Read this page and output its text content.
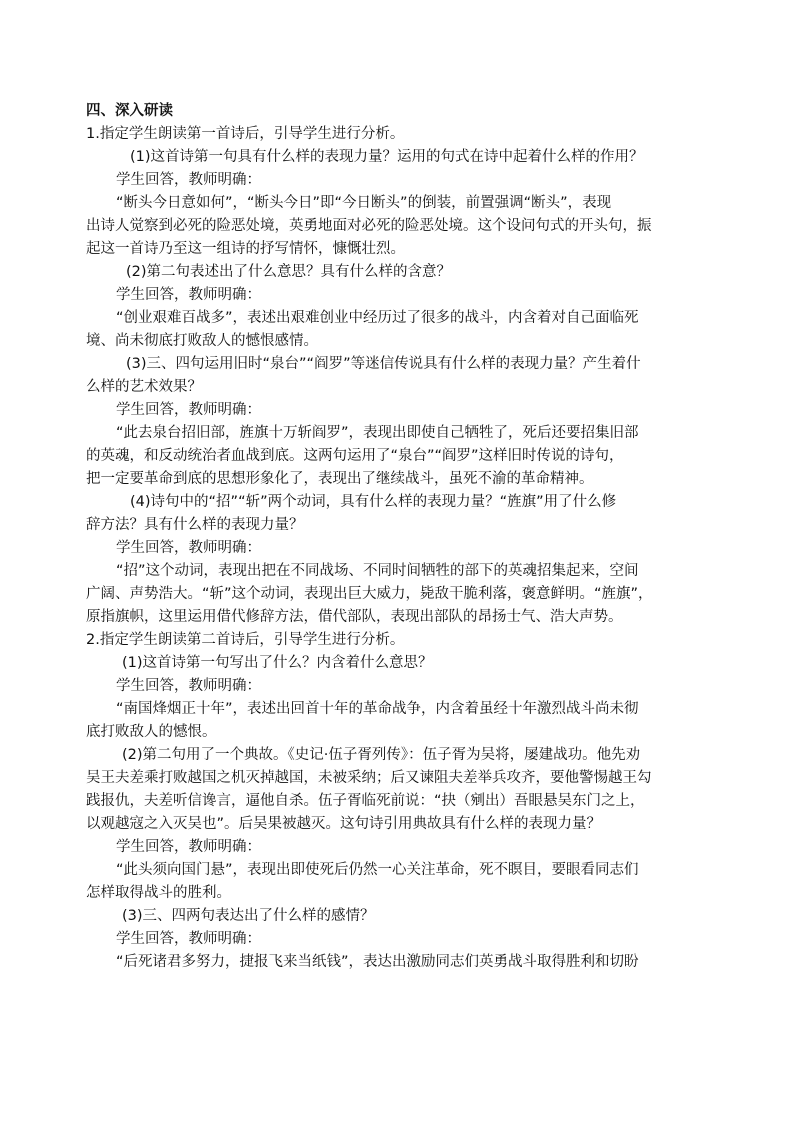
四、深入研读
1.指定学生朗读第一首诗后，引导学生进行分析。
(1)这首诗第一句具有什么样的表现力量？运用的句式在诗中起着什么样的作用？
学生回答，教师明确：
“断头今日意如何”，“断头今日”即“今日断头”的倒装，前置强调“断头”，表现
出诗人觉察到必死的险恶处境，英勇地面对必死的险恶处境。这个设问句式的开头句，振
起这一首诗乃至这一组诗的抒写情怀，慷慨壮烈。
(2)第二句表述出了什么意思？具有什么样的含意？
学生回答，教师明确：
“创业艰难百战多”，表述出艰难创业中经历过了很多的战斗，内含着对自己面临死
境、尚未彻底打败敌人的憾恨感情。
(3)三、四句运用旧时“泉台”“阎罗”等迷信传说具有什么样的表现力量？产生着什
么样的艺术效果？
学生回答，教师明确：
“此去泉台招旧部，旌旗十万斩阎罗”，表现出即使自己牺牲了，死后还要招集旧部
的英魂，和反动统治者血战到底。这两句运用了“泉台”“阎罗”这样旧时传说的诗句，
把一定要革命到底的思想形象化了，表现出了继续战斗，虽死不渝的革命精神。
(4)诗句中的“招”“斩”两个动词，具有什么样的表现力量？“旌旗”用了什么修
辞方法？具有什么样的表现力量？
学生回答，教师明确：
“招”这个动词，表现出把在不同战场、不同时间牺牲的部下的英魂招集起来，空间
广阔、声势浩大。“斩”这个动词，表现出巨大威力，毙敌干脆利落，褒意鲜明。“旌旗”，
原指旗帜，这里运用借代修辞方法，借代部队，表现出部队的昂扬士气、浩大声势。
2.指定学生朗读第二首诗后，引导学生进行分析。
(1)这首诗第一句写出了什么？内含着什么意思？
学生回答，教师明确：
“南国烽烟正十年”，表述出回首十年的革命战争，内含着虽经十年激烈战斗尚未彻
底打败敌人的憾恨。
(2)第二句用了一个典故。《史记·伍子胥列传》：伍子胥为吴将，屡建战功。他先劝
吴王夫差乘打败越国之机灭掉越国，未被采纳；后又谏阻夫差举兵攻齐，要他警惕越王勾
践报仇，夫差听信谗言，逼他自杀。伍子胥临死前说：“抉（剜出）吾眼悬吴东门之上，
以观越寇之入灭吴也”。后吴果被越灭。这句诗引用典故具有什么样的表现力量？
学生回答，教师明确：
“此头须向国门悬”，表现出即使死后仍然一心关注革命，死不瞑目，要眼看同志们
怎样取得战斗的胜利。
(3)三、四两句表达出了什么样的感情？
学生回答，教师明确：
“后死诸君多努力，捷报飞来当纸钱”，表达出激励同志们英勇战斗取得胜利和切盼
